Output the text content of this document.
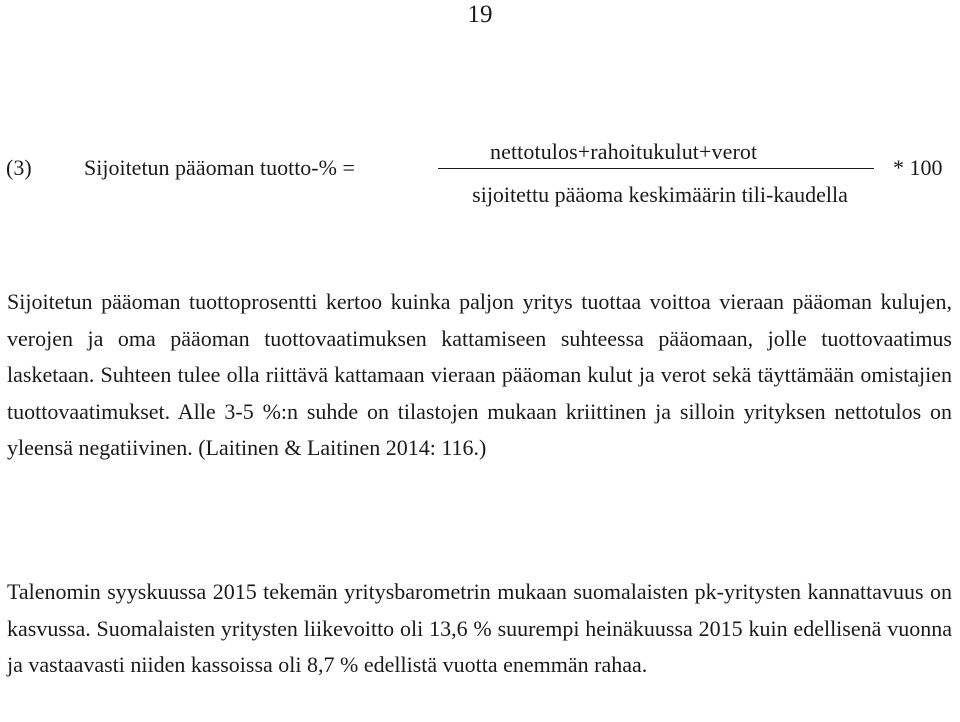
19
(3) Sijoitetun pääoman tuotto-% =
nettotulos+rahoitukulut+verot
* 100
sijoitettu pääoma keskimäärin tili-kaudella

Sijoitetun pääoman tuottoprosentti kertoo kuinka paljon yritys tuottaa voittoa vieraan pääoman kulujen, verojen ja oma pääoman tuottovaatimuksen kattamiseen suhteessa pääomaan, jolle tuottovaatimus lasketaan. Suhteen tulee olla riittävä kattamaan vieraan pääoman kulut ja verot sekä täyttämään omistajien tuottovaatimukset. Alle 3-5 %:n suhde on tilastojen mukaan kriittinen ja silloin yrityksen nettotulos on yleensä negatiivinen. (Laitinen & Laitinen 2014: 116.)

Talenomin syyskuussa 2015 tekemän yritysbarometrin mukaan suomalaisten pk-yritysten kannattavuus on kasvussa. Suomalaisten yritysten liikevoitto oli 13,6 % suurempi heinäkuussa 2015 kuin edellisenä vuonna ja vastaavasti niiden kassoissa oli 8,7 % edellistä vuotta enemmän rahaa.
